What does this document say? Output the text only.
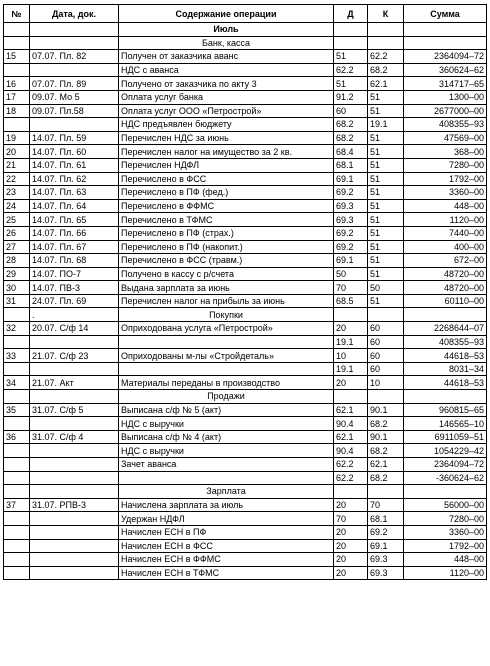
№	Дата, док.	Содержание операции	Д	К	Сумма
		Июль			
		Банк, касса			
15	07.07. Пл. 82	Получен от заказчика аванс	51	62.2	2364094–72
		НДС с аванса	62.2	68.2	360624–62
16	07.07. Пл. 89	Получено от заказчика по акту 3	51	62.1	314717–65
17	09.07. Мо 5	Оплата услуг банка	91.2	51	1300–00
18	09.07. Пл.58	Оплата услуг ООО «Петрострой»	60	51	2677000–00
		НДС предъявлен бюджету	68.2	19.1	408355–93
19	14.07. Пл. 59	Перечислен НДС за июнь	68.2	51	47569–00
20	14.07. Пл. 60	Перечислен налог на имущество за 2 кв.	68.4	51	368–00
21	14.07. Пл. 61	Перечислен НДФЛ	68.1	51	7280–00
22	14.07. Пл. 62	Перечислено в ФСС	69.1	51	1792–00
23	14.07. Пл. 63	Перечислено в ПФ (фед.)	69.2	51	3360–00
24	14.07. Пл. 64	Перечислено в ФФМС	69.3	51	448–00
25	14.07. Пл. 65	Перечислено в ТФМС	69.3	51	1120–00
26	14.07. Пл. 66	Перечислено в ПФ (страх.)	69.2	51	7440–00
27	14.07. Пл. 67	Перечислено в ПФ (накопит.)	69.2	51	400–00
28	14.07. Пл. 68	Перечислено в ФСС (травм.)	69.1	51	672–00
29	14.07. ПО-7	Получено в кассу с р/счета	50	51	48720–00
30	14.07. ПВ-3	Выдана зарплата за июнь	70	50	48720–00
31	24.07. Пл. 69	Перечислен налог на прибыль за июнь	68.5	51	60110–00
	.	Покупки			
32	20.07. С/ф 14	Оприходована услуга «Петрострой»	20	60	2268644–07
			19.1	60	408355–93
33	21.07. С/ф 23	Оприходованы м-лы «Стройдеталь»	10	60	44618–53
			19.1	60	8031–34
34	21.07. Акт	Материалы переданы в производство	20	10	44618–53
		Продажи			
35	31.07. С/ф 5	Выписана с/ф № 5 (акт)	62.1	90.1	960815–65
		НДС с выручки	90.4	68.2	146565–10
36	31.07. С/ф 4	Выписана с/ф № 4 (акт)	62.1	90.1	6911059–51
		НДС с выручки	90.4	68.2	1054229–42
		Зачет аванса	62.2	62.1	2364094–72
			62.2	68.2	-360624–62
		Зарплата			
37	31.07. РПВ-3	Начислена зарплата за июль	20	70	56000–00
		Удержан НДФЛ	70	68.1	7280–00
		Начислен ЕСН в ПФ	20	69.2	3360–00
		Начислен ЕСН в ФСС	20	69.1	1792–00
		Начислен ЕСН в ФФМС	20	69.3	448–00
		Начислен ЕСН в ТФМС	20	69.3	1120–00
